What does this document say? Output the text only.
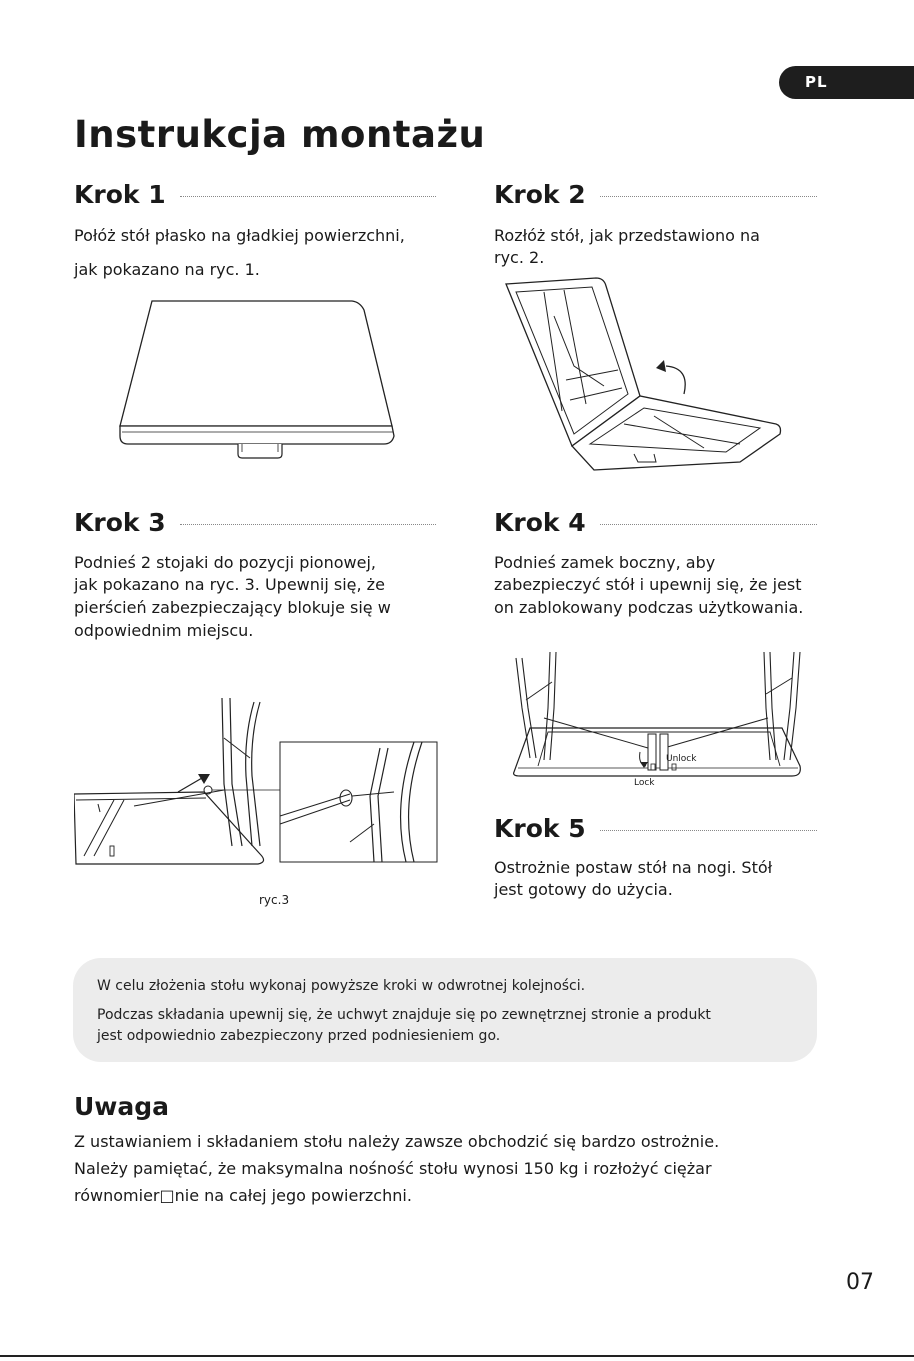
PL
Instrukcja montażu
Krok 1

Połóż stół płasko na gładkiej powierzchni,

jak pokazano na ryc. 1.

Krok 2

Rozłóż stół, jak przedstawiono na

ryc. 2.

Krok 3

Podnieś 2 stojaki do pozycji pionowej,

jak pokazano na ryc. 3. Upewnij się, że

pierścień zabezpieczający blokuje się w

odpowiednim miejscu.

ryc.3
Krok 4

Podnieś zamek boczny, aby

zabezpieczyć stół i upewnij się, że jest

on zablokowany podczas użytkowania.

Unlock
Lock
Krok 5

Ostrożnie postaw stół na nogi. Stół

jest gotowy do użycia.

W celu złożenia stołu wykonaj powyższe kroki w odwrotnej kolejności.

Podczas składania upewnij się, że uchwyt znajduje się po zewnętrznej stronie a produkt

jest odpowiednio zabezpieczony przed podniesieniem go.

Uwaga
Z ustawianiem i składaniem stołu należy zawsze obchodzić się bardzo ostrożnie.
Należy pamiętać, że maksymalna nośność stołu wynosi 150 kg i rozłożyć ciężar
równomier□nie na całej jego powierzchni.
07
